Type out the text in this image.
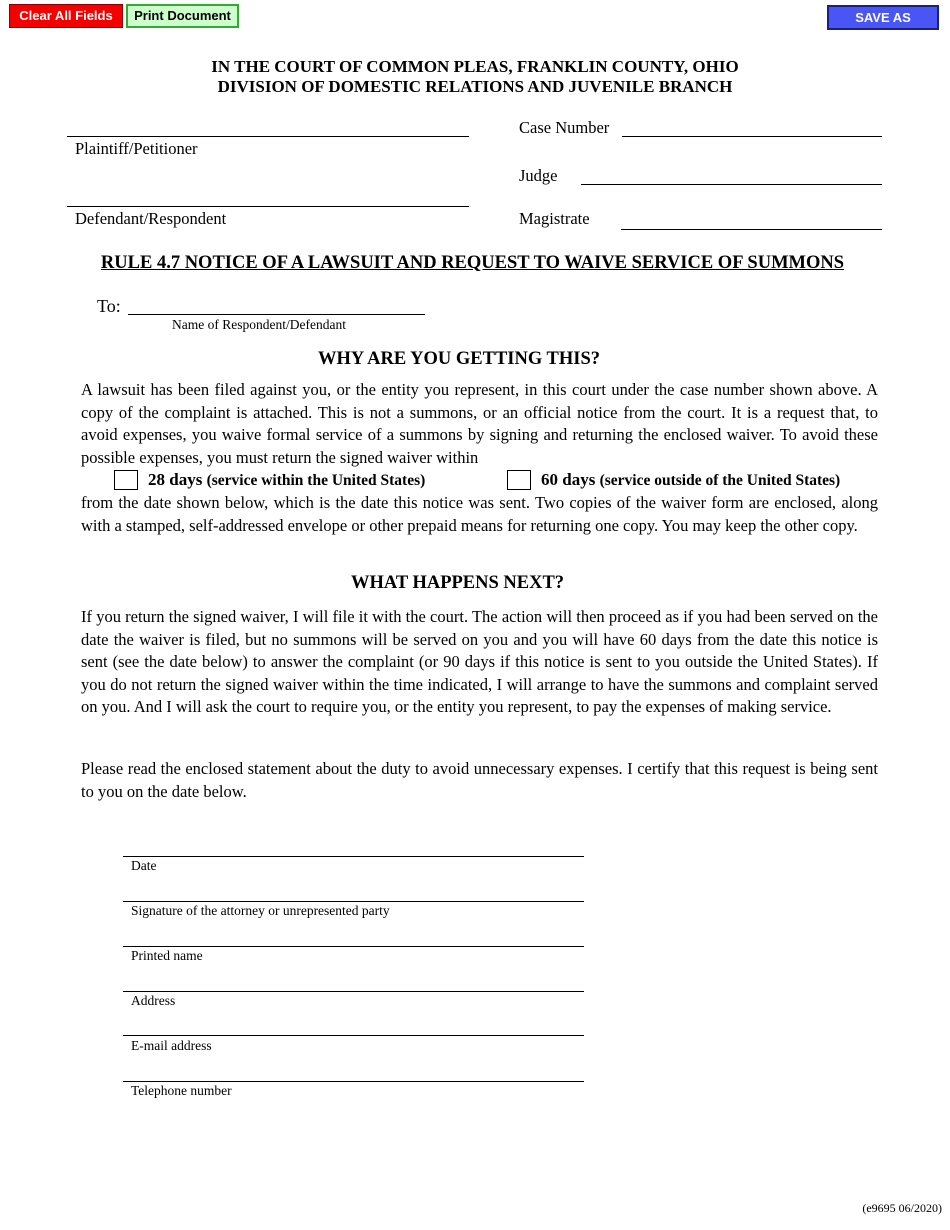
Clear All Fields	Print Document	SAVE AS
IN THE COURT OF COMMON PLEAS, FRANKLIN COUNTY, OHIO
DIVISION OF DOMESTIC RELATIONS AND JUVENILE BRANCH
Plaintiff/Petitioner
Defendant/Respondent
Case Number
Judge
Magistrate
RULE 4.7 NOTICE OF A LAWSUIT AND REQUEST TO WAIVE SERVICE OF SUMMONS
To:
Name of Respondent/Defendant
WHY ARE YOU GETTING THIS?
A lawsuit has been filed against you, or the entity you represent, in this court under the case number shown above. A copy of the complaint is attached. This is not a summons, or an official notice from the court. It is a request that, to avoid expenses, you waive formal service of a summons by signing and returning the enclosed waiver. To avoid these possible expenses, you must return the signed waiver within
28 days (service within the United States)	60 days (service outside of the United States)
from the date shown below, which is the date this notice was sent. Two copies of the waiver form are enclosed, along with a stamped, self-addressed envelope or other prepaid means for returning one copy. You may keep the other copy.
WHAT HAPPENS NEXT?
If you return the signed waiver, I will file it with the court. The action will then proceed as if you had been served on the date the waiver is filed, but no summons will be served on you and you will have 60 days from the date this notice is sent (see the date below) to answer the complaint (or 90 days if this notice is sent to you outside the United States). If you do not return the signed waiver within the time indicated, I will arrange to have the summons and complaint served on you. And I will ask the court to require you, or the entity you represent, to pay the expenses of making service.
Please read the enclosed statement about the duty to avoid unnecessary expenses. I certify that this request is being sent to you on the date below.
Date
Signature of the attorney or unrepresented party
Printed name
Address
E-mail address
Telephone number
(e9695 06/2020)
